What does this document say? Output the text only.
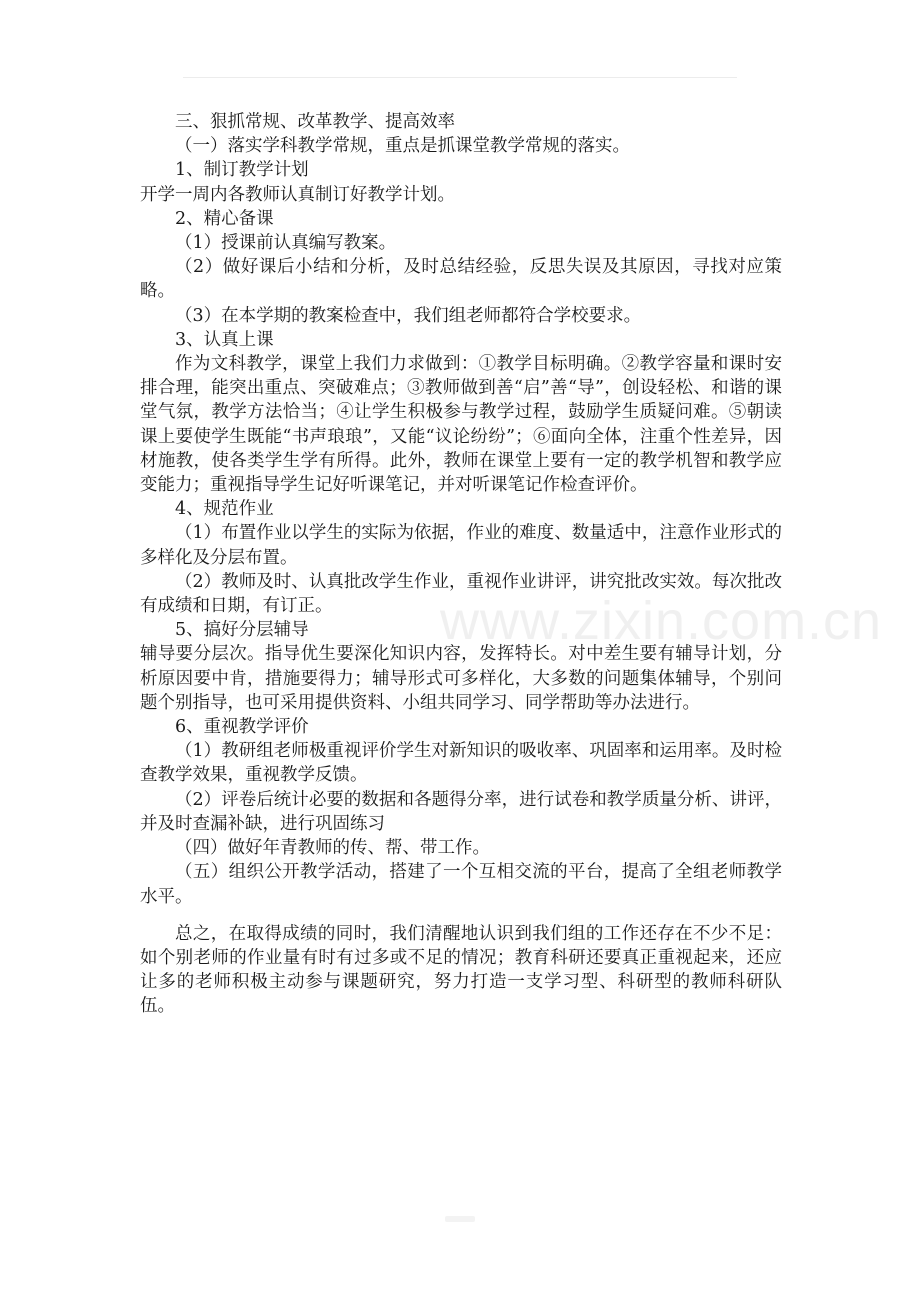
www.zixin.com.cn

三、狠抓常规、改革教学、提高效率

（一）落实学科教学常规，重点是抓课堂教学常规的落实。

1、制订教学计划

开学一周内各教师认真制订好教学计划。

2、精心备课

（1）授课前认真编写教案。

（2）做好课后小结和分析，及时总结经验，反思失误及其原因，寻找对应策略。

（3）在本学期的教案检查中，我们组老师都符合学校要求。

3、认真上课

作为文科教学，课堂上我们力求做到：①教学目标明确。②教学容量和课时安排合理，能突出重点、突破难点；③教师做到善“启”善“导”，创设轻松、和谐的课堂气氛，教学方法恰当；④让学生积极参与教学过程，鼓励学生质疑问难。⑤朝读课上要使学生既能“书声琅琅”，又能“议论纷纷”；⑥面向全体，注重个性差异，因材施教，使各类学生学有所得。此外，教师在课堂上要有一定的教学机智和教学应变能力；重视指导学生记好听课笔记，并对听课笔记作检查评价。

4、规范作业

（1）布置作业以学生的实际为依据，作业的难度、数量适中，注意作业形式的多样化及分层布置。

（2）教师及时、认真批改学生作业，重视作业讲评，讲究批改实效。每次批改有成绩和日期，有订正。

5、搞好分层辅导

辅导要分层次。指导优生要深化知识内容，发挥特长。对中差生要有辅导计划，分析原因要中肯，措施要得力；辅导形式可多样化，大多数的问题集体辅导，个别问题个别指导，也可采用提供资料、小组共同学习、同学帮助等办法进行。

6、重视教学评价

（1）教研组老师极重视评价学生对新知识的吸收率、巩固率和运用率。及时检查教学效果，重视教学反馈。

（2）评卷后统计必要的数据和各题得分率，进行试卷和教学质量分析、讲评，并及时查漏补缺，进行巩固练习

（四）做好年青教师的传、帮、带工作。

（五）组织公开教学活动，搭建了一个互相交流的平台，提高了全组老师教学水平。

总之，在取得成绩的同时，我们清醒地认识到我们组的工作还存在不少不足：如个别老师的作业量有时有过多或不足的情况；教育科研还要真正重视起来，还应让多的老师积极主动参与课题研究，努力打造一支学习型、科研型的教师科研队伍。
